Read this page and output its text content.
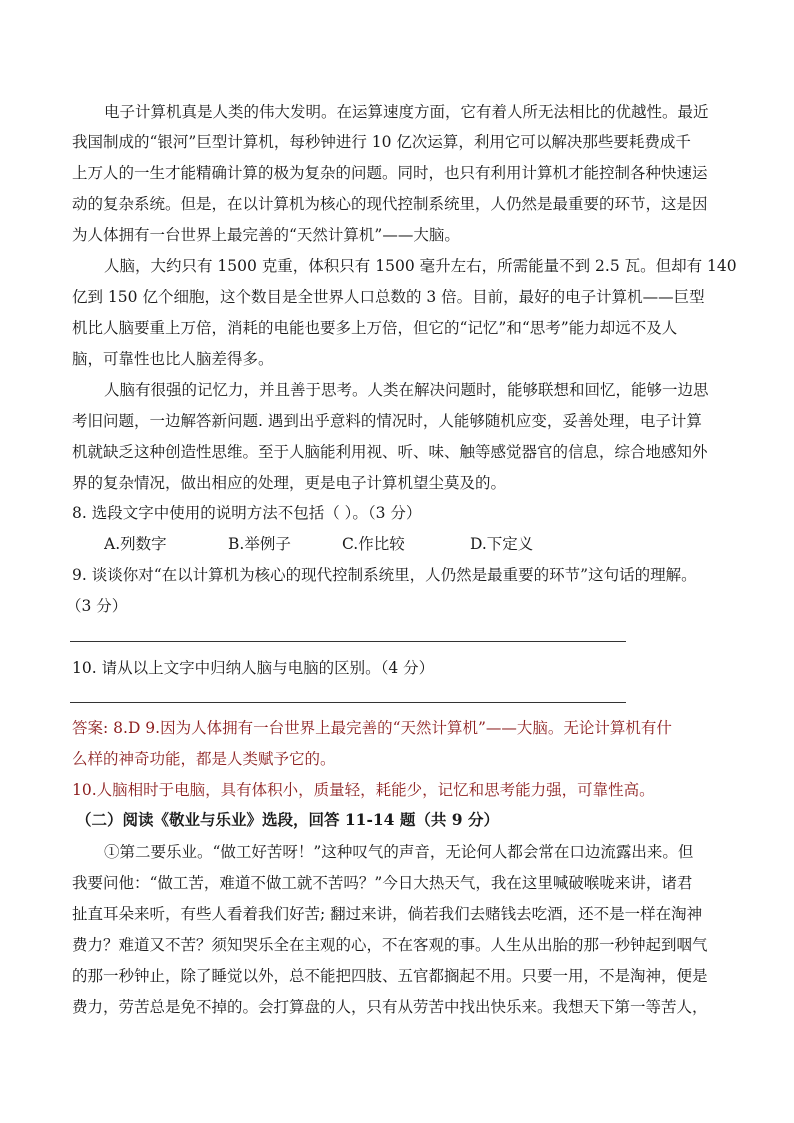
电子计算机真是人类的伟大发明。在运算速度方面，它有着人所无法相比的优越性。最近
我国制成的“银河”巨型计算机，每秒钟进行 10 亿次运算，利用它可以解决那些要耗费成千
上万人的一生才能精确计算的极为复杂的问题。同时，也只有利用计算机才能控制各种快速运
动的复杂系统。但是，在以计算机为核心的现代控制系统里，人仍然是最重要的环节，这是因
为人体拥有一台世界上最完善的“天然计算机”——大脑。
人脑，大约只有 1500 克重，体积只有 1500 毫升左右，所需能量不到 2.5 瓦。但却有 140
亿到 150 亿个细胞，这个数目是全世界人口总数的 3 倍。目前，最好的电子计算机——巨型
机比人脑要重上万倍，消耗的电能也要多上万倍，但它的“记忆”和“思考”能力却远不及人
脑，可靠性也比人脑差得多。
人脑有很强的记忆力，并且善于思考。人类在解决问题时，能够联想和回忆，能够一边思
考旧问题，一边解答新问题. 遇到出乎意料的情况时，人能够随机应变，妥善处理，电子计算
机就缺乏这种创造性思维。至于人脑能利用视、听、味、触等感觉器官的信息，综合地感知外
界的复杂情况，做出相应的处理，更是电子计算机望尘莫及的。
8. 选段文字中使用的说明方法不包括（ ）。（3 分）
A.列数字	B.举例子	C.作比较	D.下定义
9. 谈谈你对“在以计算机为核心的现代控制系统里，人仍然是最重要的环节”这句话的理解。
（3 分）
10. 请从以上文字中归纳人脑与电脑的区别。（4 分）
答案: 8.D 9.因为人体拥有一台世界上最完善的“天然计算机”——大脑。无论计算机有什
么样的神奇功能，都是人类赋予它的。
10.人脑相时于电脑，具有体积小，质量轻，耗能少，记忆和思考能力强，可靠性高。
（二）阅读《敬业与乐业》选段，回答 11-14 题（共 9 分）
①第二要乐业。“做工好苦呀！”这种叹气的声音，无论何人都会常在口边流露出来。但
我要问他：“做工苦，难道不做工就不苦吗？”今日大热天气，我在这里喊破喉咙来讲，诸君
扯直耳朵来听，有些人看着我们好苦; 翻过来讲，倘若我们去赌钱去吃酒，还不是一样在淘神
费力？难道又不苦？须知哭乐全在主观的心，不在客观的事。人生从出胎的那一秒钟起到咽气
的那一秒钟止，除了睡觉以外，总不能把四肢、五官都搁起不用。只要一用，不是淘神，便是
费力，劳苦总是免不掉的。会打算盘的人，只有从劳苦中找出快乐来。我想天下第一等苦人，
